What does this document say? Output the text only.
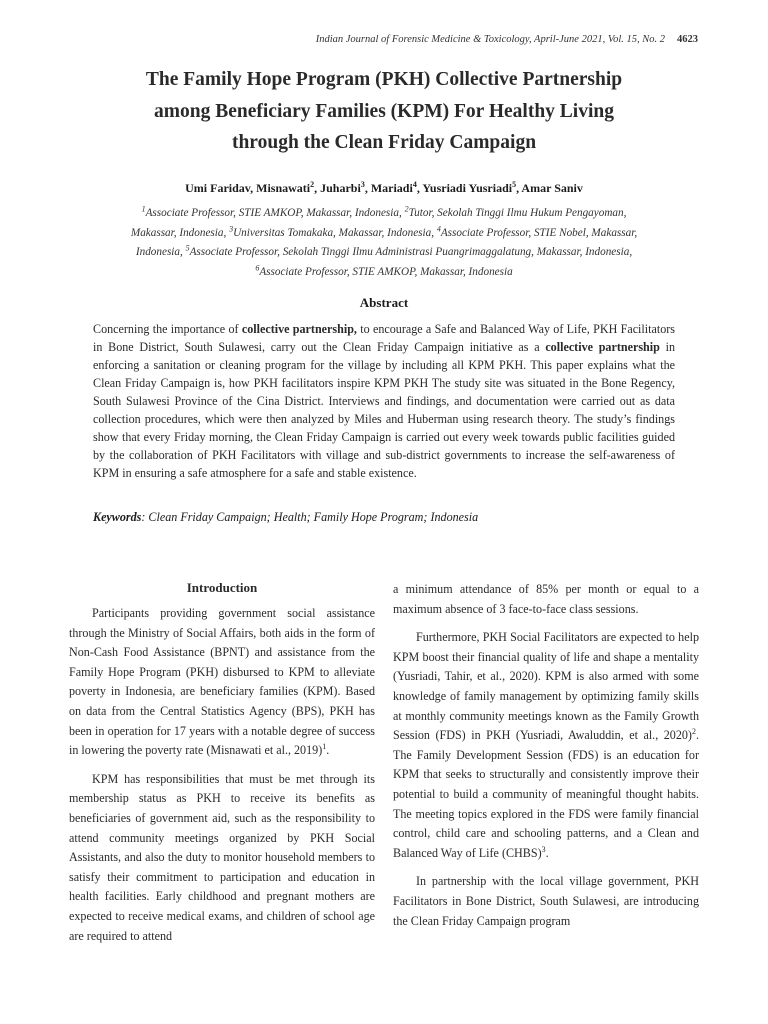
Indian Journal of Forensic Medicine & Toxicology, April-June 2021, Vol. 15, No. 2 4623
The Family Hope Program (PKH) Collective Partnership
among Beneficiary Families (KPM) For Healthy Living
through the Clean Friday Campaign
Umi Faridav, Misnawati$^2$, Juharbi$^3$, Mariadi$^4$, Yusriadi Yusriadi$^5$, Amar Saniv
$^1$Associate Professor, STIE AMKOP, Makassar, Indonesia, $^2$Tutor, Sekolah Tinggi Ilmu Hukum Pengayoman,
Makassar, Indonesia, $^3$Universitas Tomakaka, Makassar, Indonesia, $^4$Associate Professor, STIE Nobel, Makassar,
Indonesia, $^5$Associate Professor, Sekolah Tinggi Ilmu Administrasi Puangrimaggalatung, Makassar, Indonesia,
$^6$Associate Professor, STIE AMKOP, Makassar, Indonesia
Abstract
Concerning the importance of collective partnership, to encourage a Safe and Balanced Way of Life, PKH Facilitators in Bone District, South Sulawesi, carry out the Clean Friday Campaign initiative as a collective partnership in enforcing a sanitation or cleaning program for the village by including all KPM PKH. This paper explains what the Clean Friday Campaign is, how PKH facilitators inspire KPM PKH The study site was situated in the Bone Regency, South Sulawesi Province of the Cina District. Interviews and findings, and documentation were carried out as data collection procedures, which were then analyzed by Miles and Huberman using research theory. The study’s findings show that every Friday morning, the Clean Friday Campaign is carried out every week towards public facilities guided by the collaboration of PKH Facilitators with village and sub-district governments to increase the self-awareness of KPM in ensuring a safe atmosphere for a safe and stable existence.
Keywords: Clean Friday Campaign; Health; Family Hope Program; Indonesia
Introduction

Participants providing government social assistance through the Ministry of Social Affairs, both aids in the form of Non-Cash Food Assistance (BPNT) and assistance from the Family Hope Program (PKH) disbursed to KPM to alleviate poverty in Indonesia, are beneficiary families (KPM). Based on data from the Central Statistics Agency (BPS), PKH has been in operation for 17 years with a notable degree of success in lowering the poverty rate (Misnawati et al., 2019)$^1$.

KPM has responsibilities that must be met through its membership status as PKH to receive its benefits as beneficiaries of government aid, such as the responsibility to attend community meetings organized by PKH Social Assistants, and also the duty to monitor household members to satisfy their commitment to participation and education in health facilities. Early childhood and pregnant mothers are expected to receive medical exams, and children of school age are required to attend

a minimum attendance of 85% per month or equal to a maximum absence of 3 face-to-face class sessions.

Furthermore, PKH Social Facilitators are expected to help KPM boost their financial quality of life and shape a mentality (Yusriadi, Tahir, et al., 2020). KPM is also armed with some knowledge of family management by optimizing family skills at monthly community meetings known as the Family Growth Session (FDS) in PKH (Yusriadi, Awaluddin, et al., 2020)$^2$. The Family Development Session (FDS) is an education for KPM that seeks to structurally and consistently improve their potential to build a community of meaningful thought habits. The meeting topics explored in the FDS were family financial control, child care and schooling patterns, and a Clean and Balanced Way of Life (CHBS)$^3$.

In partnership with the local village government, PKH Facilitators in Bone District, South Sulawesi, are introducing the Clean Friday Campaign program
